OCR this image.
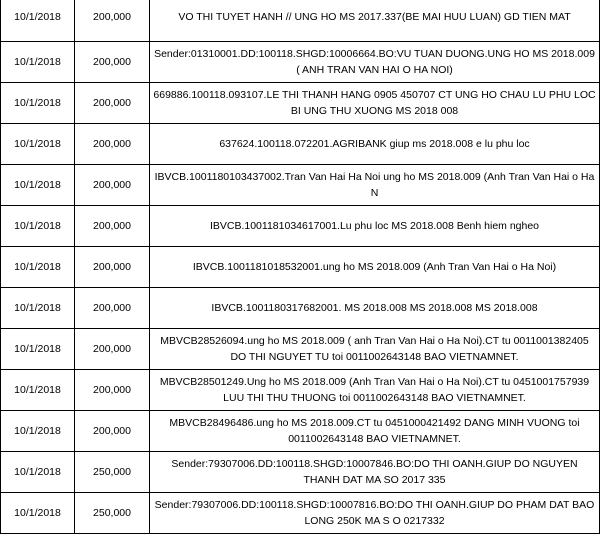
10/1/2018	200,000	VO THI TUYET HANH // UNG HO MS 2017.337(BE MAI HUU LUAN) GD TIEN MAT
10/1/2018	200,000	Sender:01310001.DD:100118.SHGD:10006664.BO:VU TUAN DUONG.UNG HO MS 2018.009 ( ANH TRAN VAN HAI O HA NOI)
10/1/2018	200,000	669886.100118.093107.LE THI THANH HANG 0905 450707 CT UNG HO CHAU LU PHU LOC BI UNG THU XUONG MS 2018 008
10/1/2018	200,000	637624.100118.072201.AGRIBANK giup ms 2018.008 e lu phu loc
10/1/2018	200,000	IBVCB.1001180103437002.Tran Van Hai Ha Noi ung ho MS 2018.009 (Anh Tran Van Hai o Ha N
10/1/2018	200,000	IBVCB.1001181034617001.Lu phu loc MS 2018.008 Benh hiem ngheo
10/1/2018	200,000	IBVCB.1001181018532001.ung ho MS 2018.009 (Anh Tran Van Hai o Ha Noi)
10/1/2018	200,000	IBVCB.1001180317682001. MS 2018.008 MS 2018.008 MS 2018.008
10/1/2018	200,000	MBVCB28526094.ung ho MS 2018.009 ( anh Tran Van Hai o Ha Noi).CT tu 0011001382405 DO THI NGUYET TU toi 0011002643148 BAO VIETNAMNET.
10/1/2018	200,000	MBVCB28501249.Ung ho MS 2018.009 (Anh Tran Van Hai o Ha Noi).CT tu 0451001757939 LUU THI THU THUONG toi 0011002643148 BAO VIETNAMNET.
10/1/2018	200,000	MBVCB28496486.ung ho MS 2018.009.CT tu 0451000421492 DANG MINH VUONG toi 0011002643148 BAO VIETNAMNET.
10/1/2018	250,000	Sender:79307006.DD:100118.SHGD:10007846.BO:DO THI OANH.GIUP DO NGUYEN THANH DAT MA SO 2017 335
10/1/2018	250,000	Sender:79307006.DD:100118.SHGD:10007816.BO:DO THI OANH.GIUP DO PHAM DAT BAO LONG 250K MA S O 0217332
